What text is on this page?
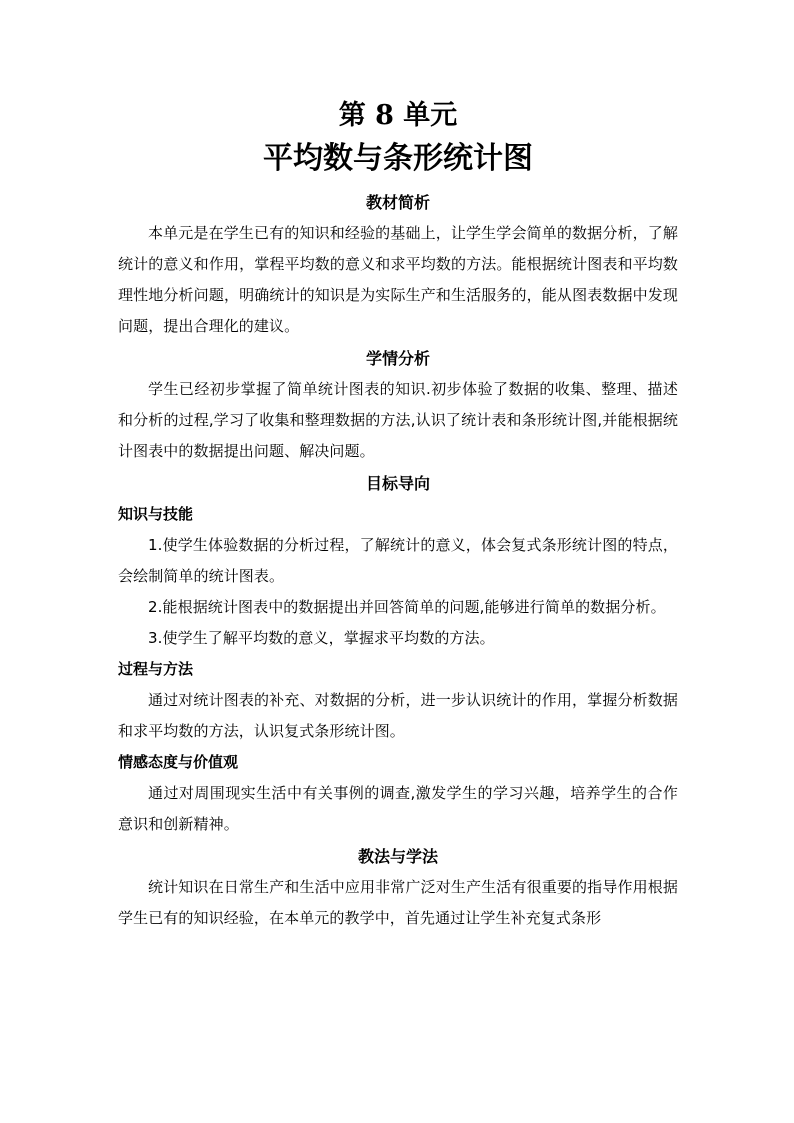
第 8 单元
平均数与条形统计图
教材简析

本单元是在学生已有的知识和经验的基础上，让学生学会简单的数据分析，了解统计的意义和作用，掌程平均数的意义和求平均数的方法。能根据统计图表和平均数理性地分析问题，明确统计的知识是为实际生产和生活服务的，能从图表数据中发现问题，提出合理化的建议。

学情分析

学生已经初步掌握了简单统计图表的知识.初步体验了数据的收集、整理、描述和分析的过程,学习了收集和整理数据的方法,认识了统计表和条形统计图,并能根据统计图表中的数据提出问题、解决问题。

目标导向
知识与技能

1.使学生体验数据的分析过程，了解统计的意义，体会复式条形统计图的特点，会绘制简单的统计图表。

2.能根据统计图表中的数据提出并回答简单的问题,能够进行简单的数据分析。

3.使学生了解平均数的意义，掌握求平均数的方法。

过程与方法

通过对统计图表的补充、对数据的分析，进一步认识统计的作用，掌握分析数据和求平均数的方法，认识复式条形统计图。

情感态度与价值观

通过对周围现实生活中有关事例的调查,激发学生的学习兴趣，培养学生的合作意识和创新精神。

教法与学法

统计知识在日常生产和生活中应用非常广泛对生产生活有很重要的指导作用根据学生已有的知识经验，在本单元的教学中，首先通过让学生补充复式条形
